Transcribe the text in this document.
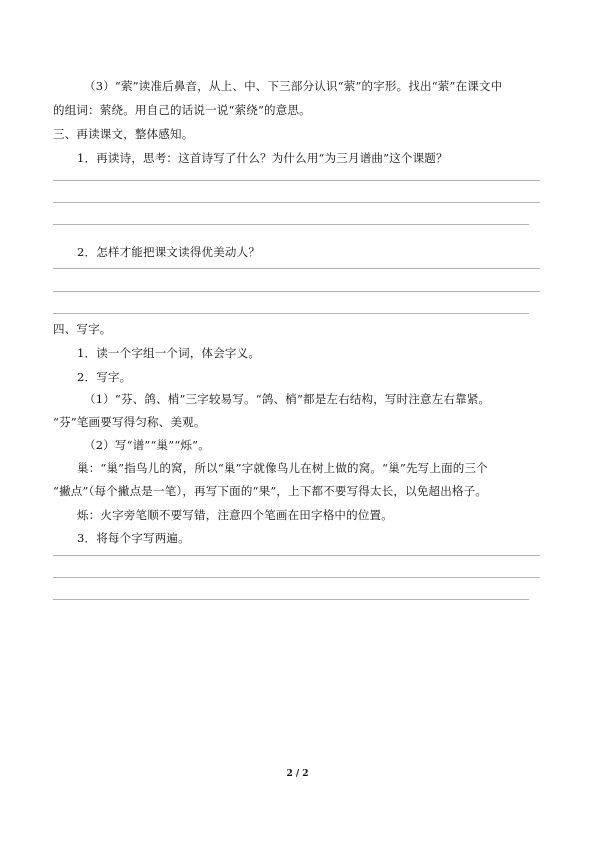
（3）“萦”读准后鼻音，从上、中、下三部分认识“萦”的字形。找出“萦”在课文中
的组词：萦绕。用自己的话说一说“萦绕”的意思。
三、再读课文，整体感知。
1．再读诗，思考：这首诗写了什么？为什么用“为三月谱曲”这个课题？
2．怎样才能把课文读得优美动人？
四、写字。
1．读一个字组一个词，体会字义。
2．写字。
（1）“芬、鸽、梢”三字较易写。“鸽、梢”都是左右结构，写时注意左右靠紧。
“芬”笔画要写得匀称、美观。
（2）写“谱”“巢”“烁”。
巢：“巢”指鸟儿的窝，所以“巢”字就像鸟儿在树上做的窝。“巢”先写上面的三个
“撇点”（每个撇点是一笔），再写下面的“果”，上下都不要写得太长，以免超出格子。
烁：火字旁笔顺不要写错，注意四个笔画在田字格中的位置。
3．将每个字写两遍。
2 / 2
